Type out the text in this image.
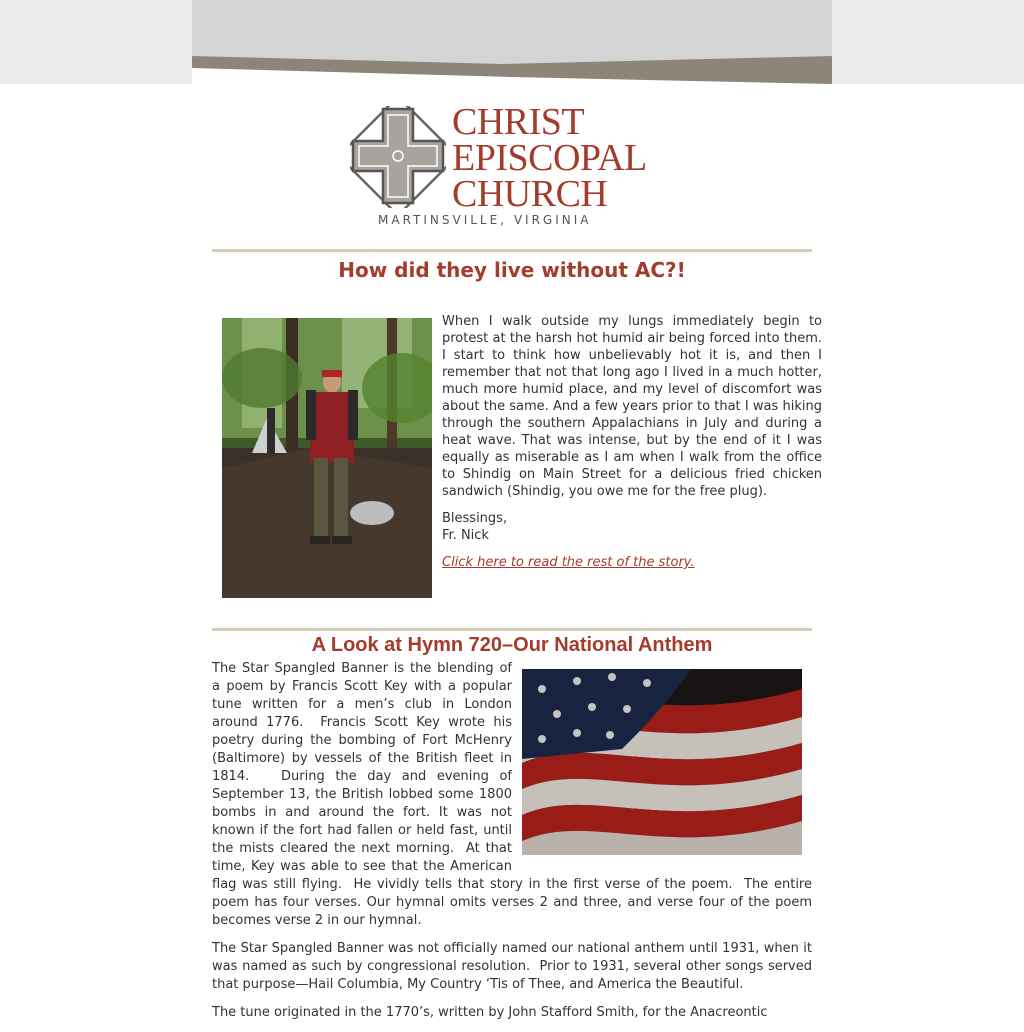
CHRIST
EPISCOPAL
CHURCH
MARTINSVILLE, VIRGINIA
How did they live without AC?!

When I walk outside my lungs immediately begin to protest at the harsh hot humid air being forced into them. I start to think how unbelievably hot it is, and then I remember that not that long ago I lived in a much hotter, much more humid place, and my level of discomfort was about the same. And a few years prior to that I was hiking through the southern Appalachians in July and during a heat wave. That was intense, but by the end of it I was equally as miserable as I am when I walk from the office to Shindig on Main Street for a delicious fried chicken sandwich (Shindig, you owe me for the free plug).

Blessings,
Fr. Nick

Click here to read the rest of the story.

A Look at Hymn 720–Our National Anthem

The Star Spangled Banner is the blending of a poem by Francis Scott Key with a popular tune written for a men’s club in London around 1776.  Francis Scott Key wrote his poetry during the bombing of Fort McHenry (Baltimore) by vessels of the British fleet in 1814.   During the day and evening of September 13, the British lobbed some 1800 bombs in and around the fort. It was not known if the fort had fallen or held fast, until the mists cleared the next morning.  At that time, Key was able to see that the American flag was still flying.  He vividly tells that story in the first verse of the poem.  The entire poem has four verses. Our hymnal omits verses 2 and three, and verse four of the poem becomes verse 2 in our hymnal.

The Star Spangled Banner was not officially named our national anthem until 1931, when it was named as such by congressional resolution.  Prior to 1931, several other songs served that purpose—Hail Columbia, My Country ‘Tis of Thee, and America the Beautiful.

The tune originated in the 1770’s, written by John Stafford Smith, for the Anacreontic
